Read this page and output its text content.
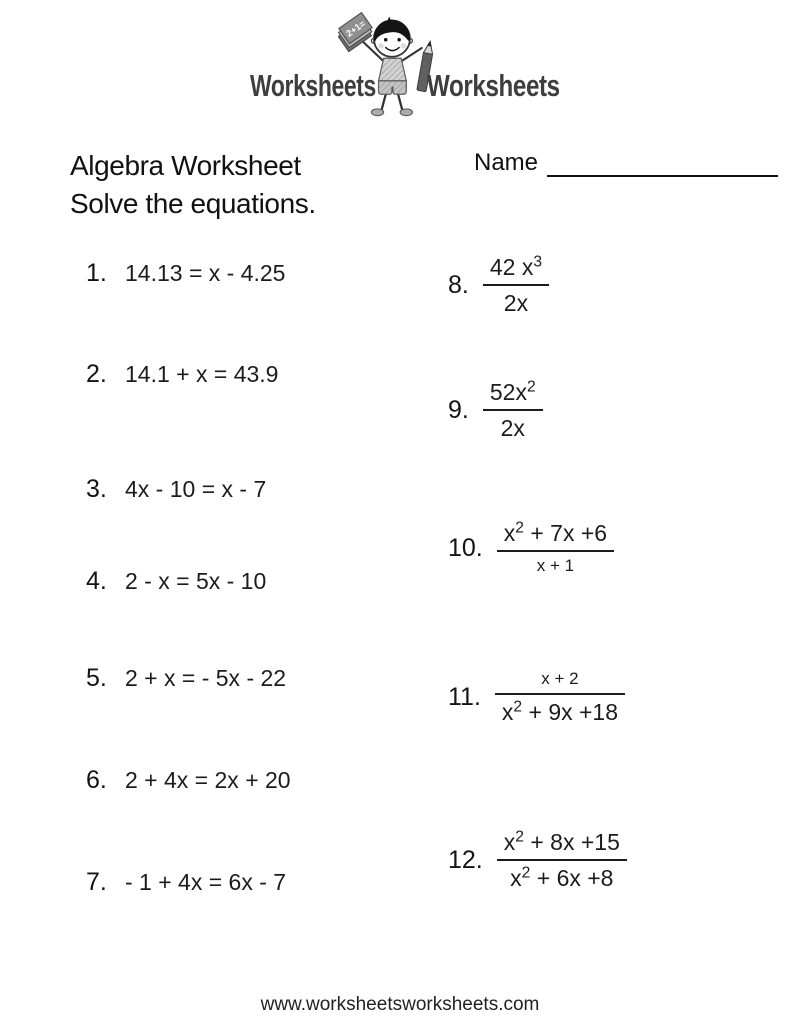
Worksheets
2+1=
Worksheets
Algebra Worksheet
Solve the equations.
Name
1. 14.13 = x - 4.25
2. 14.1 + x = 43.9
3. 4x - 10 = x - 7
4. 2 - x = 5x - 10
5. 2 + x = - 5x - 22
6. 2 + 4x = 2x + 20
7. - 1 + 4x = 6x - 7
8. $\frac{42 x^3}{2x}$
9. $\frac{52x^2}{2x}$
10. $\frac{x^2 + 7x +6}{x + 1}$
11. $\frac{x + 2}{x^2 + 9x +18}$
12. $\frac{x^2 + 8x +15}{x^2 + 6x +8}$
www.worksheetsworksheets.com
